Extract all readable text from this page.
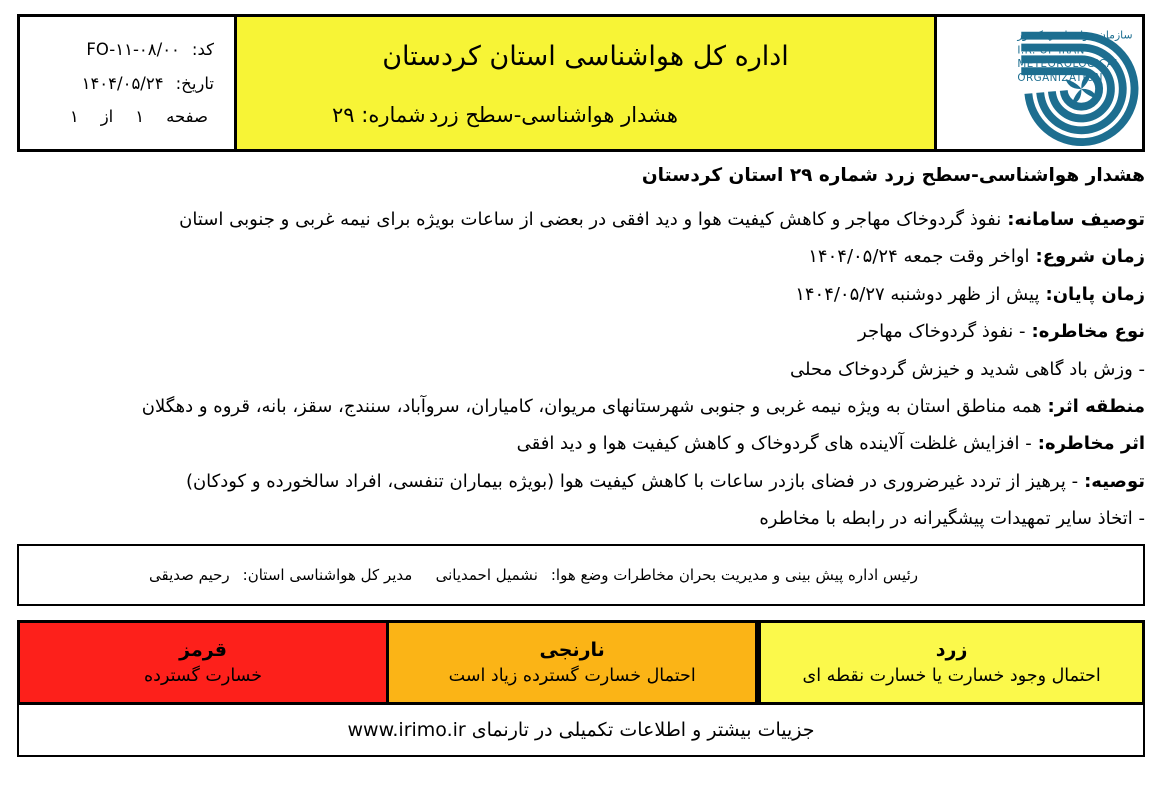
سازمان هواشناسي كشور
I.R. OF IRAN
METEOROLOGICAL
ORGANIZATION
اداره کل هواشناسی استان کردستان
هشدار هواشناسی-سطح زرد
شماره: ۲۹
کد:
FO-۱۱-۰۸/۰۰
تاریخ:
۱۴۰۴/۰۵/۲۴
صفحه
۱
از
۱
هشدار هواشناسی-سطح زرد شماره ۲۹ استان کردستان
توصیف سامانه:نفوذ گردوخاک مهاجر و کاهش کیفیت هوا و دید افقی در بعضی از ساعات بویژه برای نیمه غربی و جنوبی استان
زمان شروع:اواخر وقت جمعه ۱۴۰۴/۰۵/۲۴
زمان پایان:پیش از ظهر دوشنبه ۱۴۰۴/۰۵/۲۷
نوع مخاطره:- نفوذ گردوخاک مهاجر
- وزش باد گاهی شدید و خیزش گردوخاک محلی
منطقه اثر:همه مناطق استان به ویژه نیمه غربی و جنوبی شهرستانهای مریوان، کامیاران، سروآباد، سنندج، سقز، بانه، قروه و دهگلان
اثر مخاطره:- افزایش غلظت آلاینده های گردوخاک و کاهش کیفیت هوا و دید افقی
توصیه:- پرهیز از تردد غیرضروری در فضای بازدر ساعات با کاهش کیفیت هوا (بویژه بیماران تنفسی، افراد سالخورده و کودکان)
- اتخاذ سایر تمهیدات پیشگیرانه در رابطه با مخاطره
رئیس اداره پیش بینی و مدیریت بحران مخاطرات وضع هوا:
نشمیل احمدیانی
مدیر کل هواشناسی استان:
رحیم صدیقی
زرد
احتمال وجود خسارت یا خسارت نقطه ای
نارنجی
احتمال خسارت گسترده زیاد است
قرمز
خسارت گسترده
جزییات بیشتر و اطلاعات تکمیلی در تارنمای www.irimo.ir
